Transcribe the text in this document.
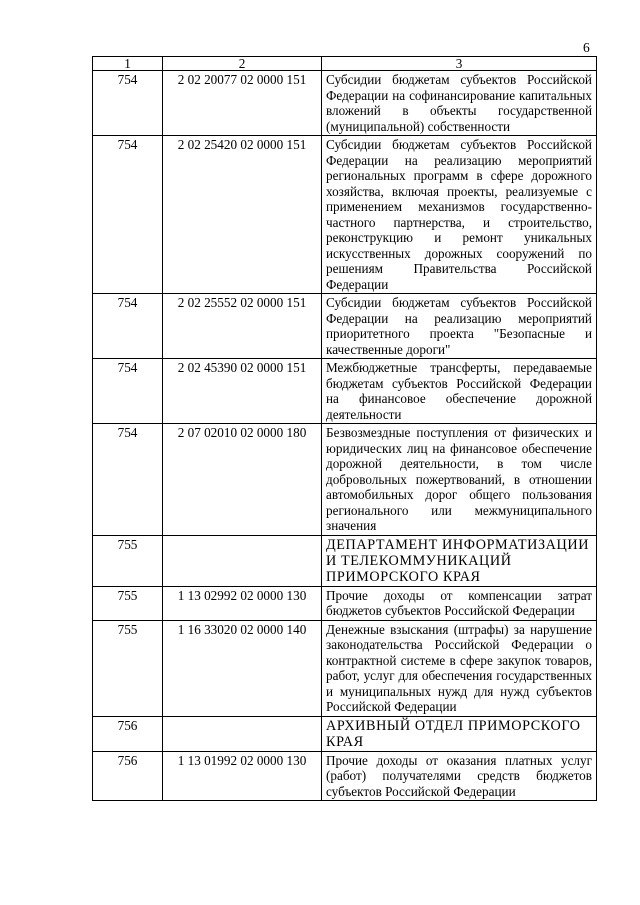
6
1	2	3
754	2 02 20077 02 0000 151	Субсидии бюджетам субъектов Российской Федерации на софинансирование капитальных вложений в объекты государственной (муниципальной) собственности
754	2 02 25420 02 0000 151	Субсидии бюджетам субъектов Российской Федерации на реализацию мероприятий региональных программ в сфере дорожного хозяйства, включая проекты, реализуемые с применением механизмов государственно-частного партнерства, и строительство, реконструкцию и ремонт уникальных искусственных дорожных сооружений по решениям Правительства Российской Федерации
754	2 02 25552 02 0000 151	Субсидии бюджетам субъектов Российской Федерации на реализацию мероприятий приоритетного проекта "Безопасные и качественные дороги"
754	2 02 45390 02 0000 151	Межбюджетные трансферты, передаваемые бюджетам субъектов Российской Федерации на финансовое обеспечение дорожной деятельности
754	2 07 02010 02 0000 180	Безвозмездные поступления от физических и юридических лиц на финансовое обеспечение дорожной деятельности, в том числе добровольных пожертвований, в отношении автомобильных дорог общего пользования регионального или межмуниципального значения
755		ДЕПАРТАМЕНТ ИНФОРМАТИЗАЦИИ И ТЕЛЕКОММУНИКАЦИЙ ПРИМОРСКОГО КРАЯ
755	1 13 02992 02 0000 130	Прочие доходы от компенсации затрат бюджетов субъектов Российской Федерации
755	1 16 33020 02 0000 140	Денежные взыскания (штрафы) за нарушение законодательства Российской Федерации о контрактной системе в сфере закупок товаров, работ, услуг для обеспечения государственных и муниципальных нужд для нужд субъектов Российской Федерации
756		АРХИВНЫЙ ОТДЕЛ ПРИМОРСКОГО КРАЯ
756	1 13 01992 02 0000 130	Прочие доходы от оказания платных услуг (работ) получателями средств бюджетов субъектов Российской Федерации
